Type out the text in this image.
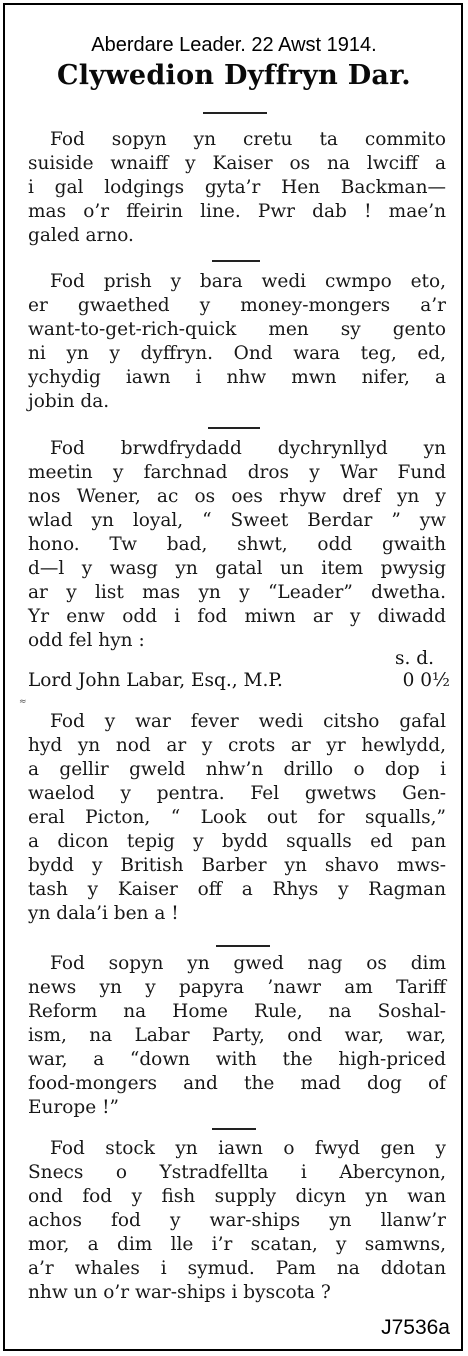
Aberdare Leader. 22 Awst 1914.
Clywedion Dyffryn Dar.
Fod sopyn yn cretu ta commito
suiside wnaiff y Kaiser os na lwciff a
i gal lodgings gyta’r Hen Backman—
mas o’r ffeirin line. Pwr dab ! mae’n
galed arno.
Fod prish y bara wedi cwmpo eto,
er gwaethed y money-mongers a’r
want-to-get-rich-quick men sy gento
ni yn y dyffryn. Ond wara teg, ed,
ychydig iawn i nhw mwn nifer, a
jobin da.
Fod brwdfrydadd dychrynllyd yn
meetin y farchnad dros y War Fund
nos Wener, ac os oes rhyw dref yn y
wlad yn loyal, “ Sweet Berdar ” yw
hono. Tw bad, shwt, odd gwaith
d—l y wasg yn gatal un item pwysig
ar y list mas yn y “Leader” dwetha.
Yr enw odd i fod miwn ar y diwadd
odd fel hyn :
s. d.
Lord John Labar, Esq., M.P.	0 0½
≈
Fod y war fever wedi citsho gafal
hyd yn nod ar y crots ar yr hewlydd,
a gellir gweld nhw’n drillo o dop i
waelod y pentra. Fel gwetws Gen-
eral Picton, “ Look out for squalls,”
a dicon tepig y bydd squalls ed pan
bydd y British Barber yn shavo mws-
tash y Kaiser off a Rhys y Ragman
yn dala’i ben a !
Fod sopyn yn gwed nag os dim
news yn y papyra ’nawr am Tariff
Reform na Home Rule, na Soshal-
ism, na Labar Party, ond war, war,
war, a “down with the high-priced
food-mongers and the mad dog of
Europe !”
Fod stock yn iawn o fwyd gen y
Snecs o Ystradfellta i Abercynon,
ond fod y fish supply dicyn yn wan
achos fod y war-ships yn llanw’r
mor, a dim lle i’r scatan, y samwns,
a’r whales i symud. Pam na ddotan
nhw un o’r war-ships i byscota ?
J7536a
